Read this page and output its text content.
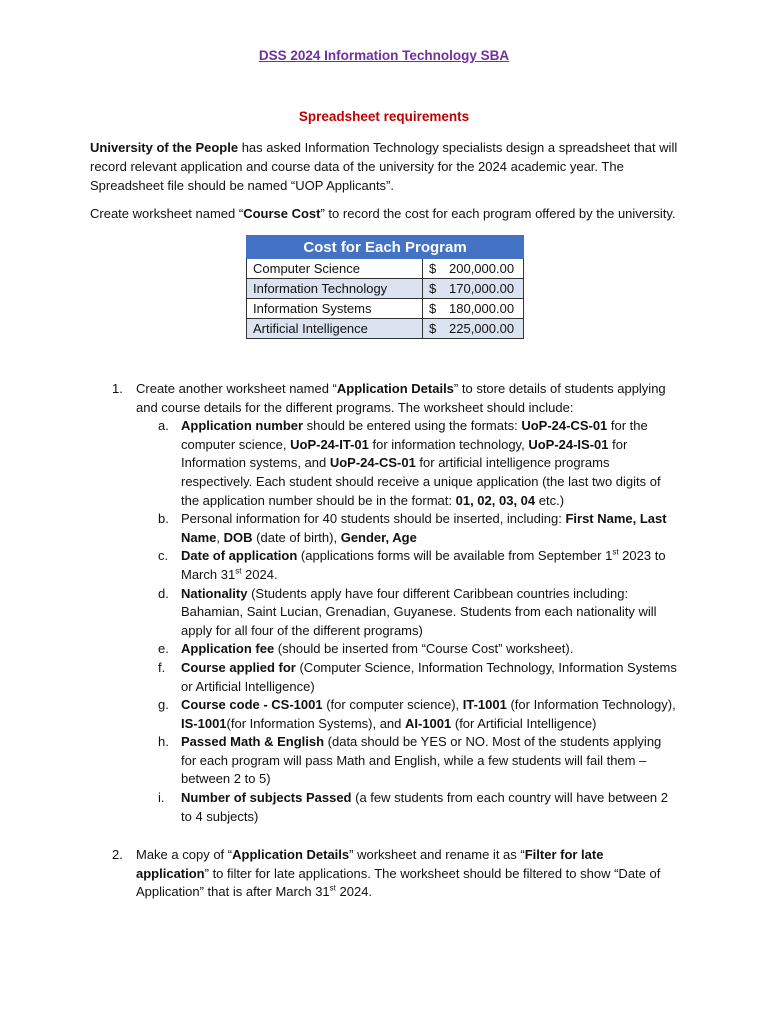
DSS 2024 Information Technology SBA
Spreadsheet requirements

University of the People has asked Information Technology specialists design a spreadsheet that will record relevant application and course data of the university for the 2024 academic year. The Spreadsheet file should be named “UOP Applicants”.

Create worksheet named “Course Cost” to record the cost for each program offered by the university.

Cost for Each Program	
Computer Science	$ 200,000.00
Information Technology	$ 170,000.00
Information Systems	$ 180,000.00
Artificial Intelligence	$ 225,000.00
1. Create another worksheet named “Application Details” to store details of students applying and course details for the different programs. The worksheet should include:
a. Application number should be entered using the formats: UoP-24-CS-01 for the computer science, UoP-24-IT-01 for information technology, UoP-24-IS-01 for Information systems, and UoP-24-CS-01 for artificial intelligence programs respectively. Each student should receive a unique application (the last two digits of the application number should be in the format: 01, 02, 03, 04 etc.)
b. Personal information for 40 students should be inserted, including: First Name, Last Name, DOB (date of birth), Gender, Age
c. Date of application (applications forms will be available from September 1st 2023 to March 31st 2024.
d. Nationality (Students apply have four different Caribbean countries including: Bahamian, Saint Lucian, Grenadian, Guyanese. Students from each nationality will apply for all four of the different programs)
e. Application fee (should be inserted from “Course Cost” worksheet).
f. Course applied for (Computer Science, Information Technology, Information Systems or Artificial Intelligence)
g. Course code - CS-1001 (for computer science), IT-1001 (for Information Technology), IS-1001(for Information Systems), and AI-1001 (for Artificial Intelligence)
h. Passed Math & English (data should be YES or NO. Most of the students applying for each program will pass Math and English, while a few students will fail them – between 2 to 5)
i. Number of subjects Passed (a few students from each country will have between 2 to 4 subjects)
2. Make a copy of “Application Details” worksheet and rename it as “Filter for late application” to filter for late applications. The worksheet should be filtered to show “Date of Application” that is after March 31st 2024.
